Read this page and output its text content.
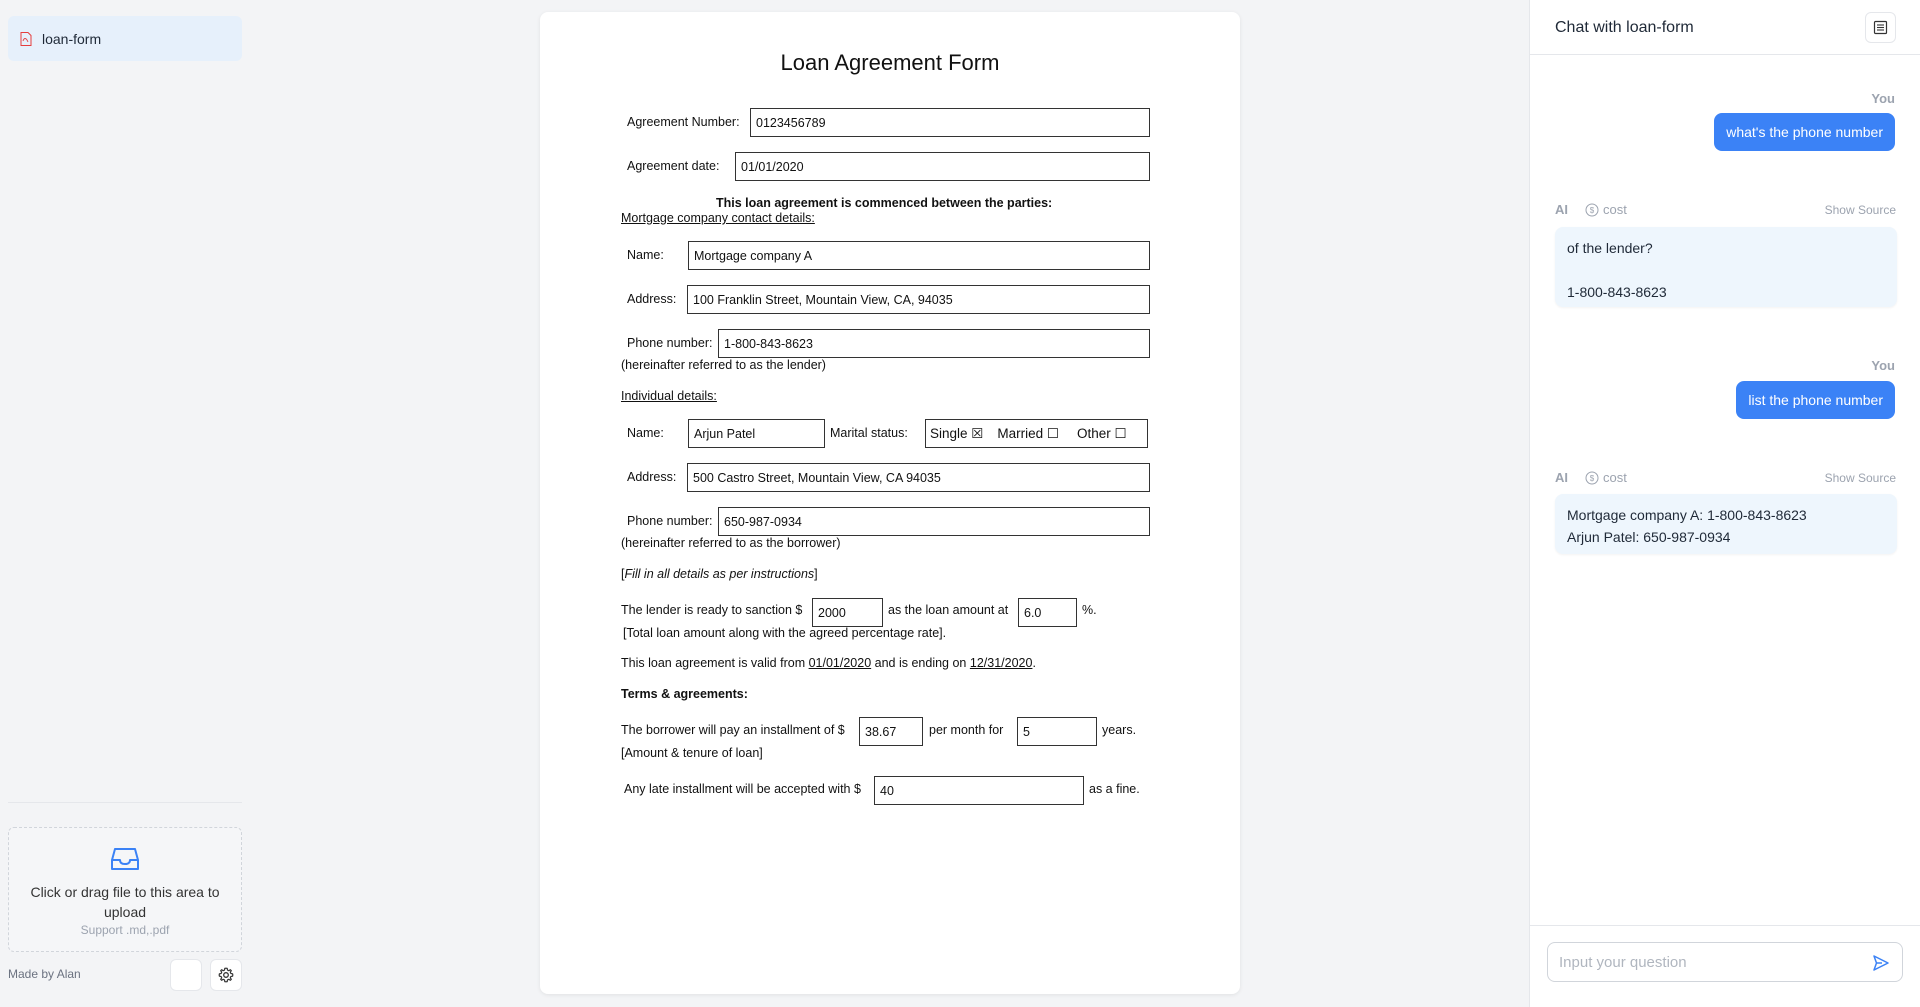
loan-form
Click or drag file to this area to upload
Support .md,.pdf
Made by Alan
Loan Agreement Form
Agreement Number:	0123456789
Agreement date:	01/01/2020
This loan agreement is commenced between the parties:
Mortgage company contact details:
Name:	Mortgage company A
Address:	100 Franklin Street, Mountain View, CA, 94035
Phone number: 1-800-843-8623
(hereinafter referred to as the lender)
Individual details:
Name:	Arjun Patel	Marital status: Single ☒ Married ☐ Other ☐
Address:	500 Castro Street, Mountain View, CA 94035
Phone number: 650-987-0934
(hereinafter referred to as the borrower)
[Fill in all details as per instructions]
The lender is ready to sanction $	2000	as the loan amount at	6.0	%.
[Total loan amount along with the agreed percentage rate].
This loan agreement is valid from 01/01/2020 and is ending on 12/31/2020.
Terms & agreements:
The borrower will pay an installment of $	38.67	per month for	5	years.
[Amount & tenure of loan]
Any late installment will be accepted with $	40	as a fine.
Chat with loan-form
You
what's the phone number
AI	$ cost	Show Source
of the lender?
1-800-843-8623
You
list the phone number
AI	$ cost	Show Source
Mortgage company A: 1-800-843-8623
Arjun Patel: 650-987-0934
Input your question
